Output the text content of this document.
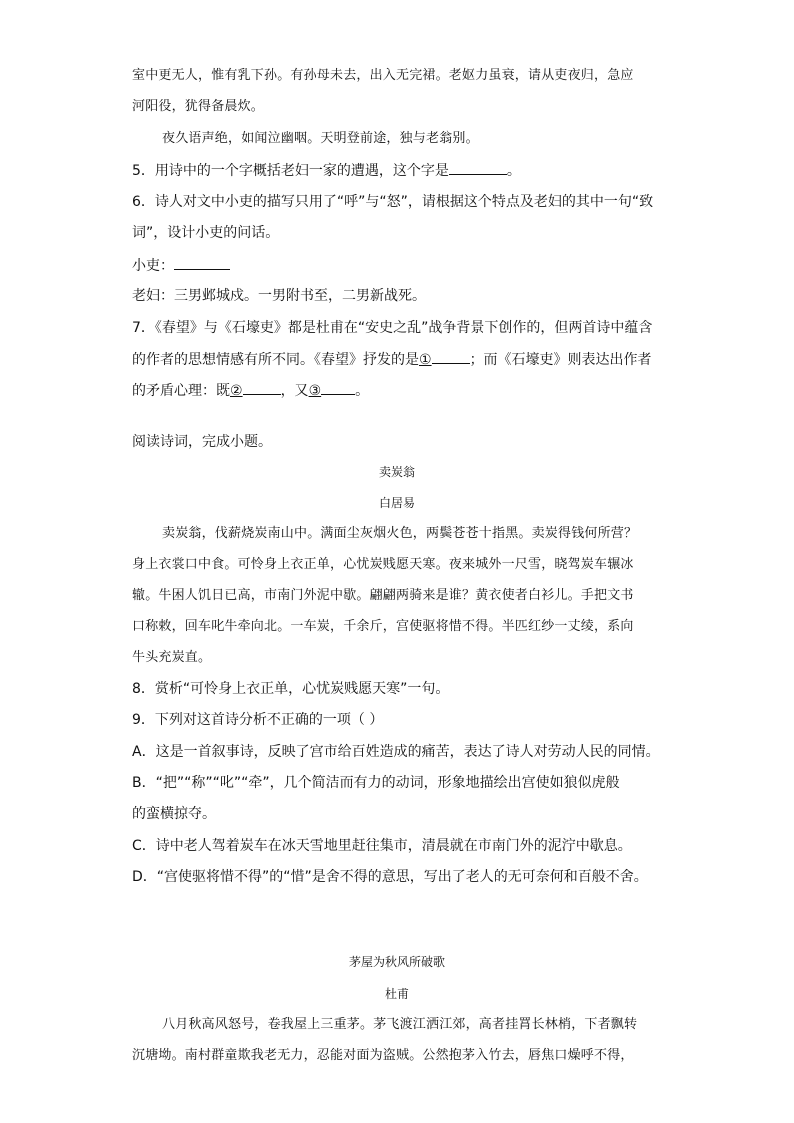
室中更无人，惟有乳下孙。有孙母未去，出入无完裙。老妪力虽衰，请从吏夜归，急应
河阳役，犹得备晨炊。
夜久语声绝，如闻泣幽咽。天明登前途，独与老翁别。
5．用诗中的一个字概括老妇一家的遭遇，这个字是	。
6．诗人对文中小吏的描写只用了“呼”与“怒”，请根据这个特点及老妇的其中一句“致
词”，设计小吏的问话。
小吏：
老妇：三男邺城戍。一男附书至，二男新战死。
7．《春望》与《石壕吏》都是杜甫在“安史之乱”战争背景下创作的，但两首诗中蕴含
的作者的思想情感有所不同。《春望》抒发的是①	；而《石壕吏》则表达出作者
的矛盾心理：既②	，又③ 。
阅读诗词，完成小题。
卖炭翁
白居易
卖炭翁，伐薪烧炭南山中。满面尘灰烟火色，两鬓苍苍十指黑。卖炭得钱何所营？
身上衣裳口中食。可怜身上衣正单，心忧炭贱愿天寒。夜来城外一尺雪，晓驾炭车辗冰
辙。牛困人饥日已高，市南门外泥中歇。翩翩两骑来是谁？黄衣使者白衫儿。手把文书
口称敕，回车叱牛牵向北。一车炭，千余斤，宫使驱将惜不得。半匹红纱一丈绫，系向
牛头充炭直。
8．赏析“可怜身上衣正单，心忧炭贱愿天寒”一句。
9．下列对这首诗分析不正确的一项（ ）
A．这是一首叙事诗，反映了宫市给百姓造成的痛苦，表达了诗人对劳动人民的同情。
B．“把”“称”“叱”“牵”，几个简洁而有力的动词，形象地描绘出宫使如狼似虎般
的蛮横掠夺。
C．诗中老人驾着炭车在冰天雪地里赶往集市，清晨就在市南门外的泥泞中歇息。
D．“宫使驱将惜不得”的“惜”是舍不得的意思，写出了老人的无可奈何和百般不舍。
茅屋为秋风所破歌
杜甫
八月秋高风怒号，卷我屋上三重茅。茅飞渡江洒江郊，高者挂罥长林梢，下者飘转
沉塘坳。南村群童欺我老无力，忍能对面为盗贼。公然抱茅入竹去，唇焦口燥呼不得，
